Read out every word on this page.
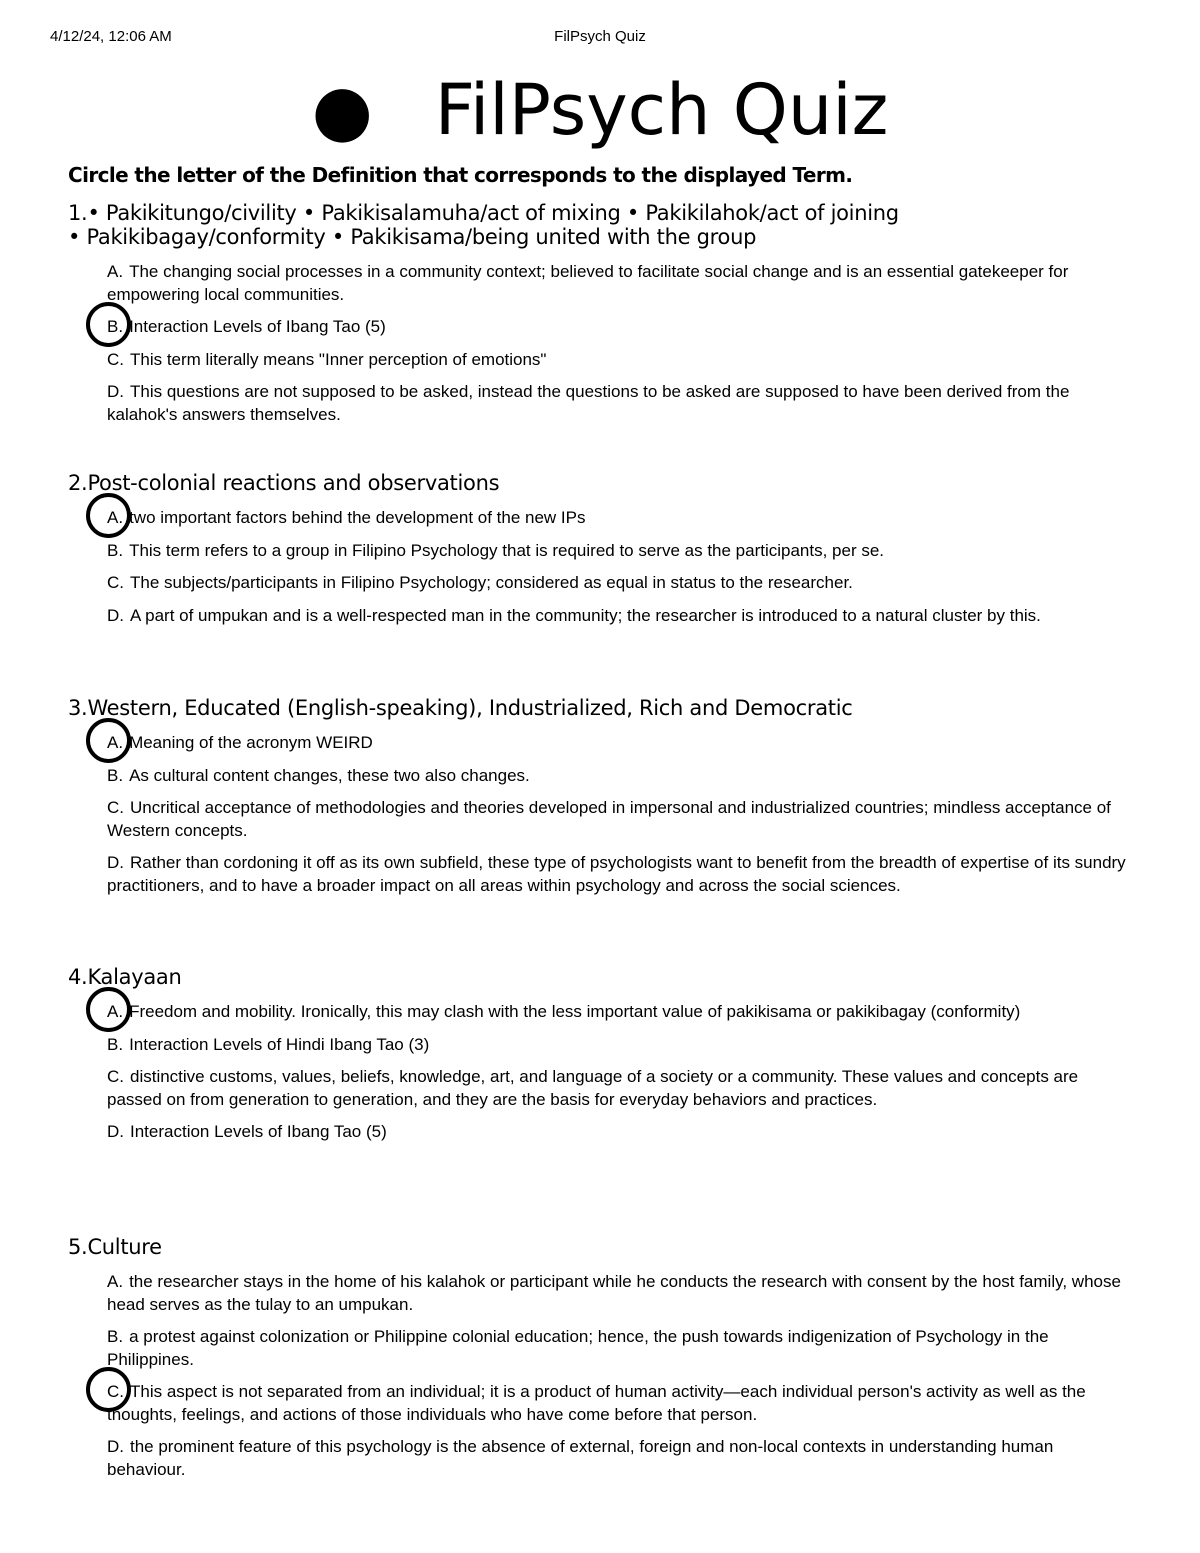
4/12/24, 12:06 AM	FilPsych Quiz
● FilPsych Quiz
Circle the letter of the Definition that corresponds to the displayed Term.
1.• Pakikitungo/civility • Pakikisalamuha/act of mixing • Pakikilahok/act of joining
• Pakikibagay/conformity • Pakikisama/being united with the group
A. The changing social processes in a community context; believed to facilitate social change and is an essential gatekeeper for empowering local communities.
B. Interaction Levels of Ibang Tao (5)
C. This term literally means "Inner perception of emotions"
D. This questions are not supposed to be asked, instead the questions to be asked are supposed to have been derived from the kalahok's answers themselves.
2.Post-colonial reactions and observations
A. two important factors behind the development of the new IPs
B. This term refers to a group in Filipino Psychology that is required to serve as the participants, per se.
C. The subjects/participants in Filipino Psychology; considered as equal in status to the researcher.
D. A part of umpukan and is a well-respected man in the community; the researcher is introduced to a natural cluster by this.
3.Western, Educated (English-speaking), Industrialized, Rich and Democratic
A. Meaning of the acronym WEIRD
B. As cultural content changes, these two also changes.
C. Uncritical acceptance of methodologies and theories developed in impersonal and industrialized countries; mindless acceptance of Western concepts.
D. Rather than cordoning it off as its own subfield, these type of psychologists want to benefit from the breadth of expertise of its sundry practitioners, and to have a broader impact on all areas within psychology and across the social sciences.
4.Kalayaan
A. Freedom and mobility. Ironically, this may clash with the less important value of pakikisama or pakikibagay (conformity)
B. Interaction Levels of Hindi Ibang Tao (3)
C. distinctive customs, values, beliefs, knowledge, art, and language of a society or a community. These values and concepts are passed on from generation to generation, and they are the basis for everyday behaviors and practices.
D. Interaction Levels of Ibang Tao (5)
5.Culture
A. the researcher stays in the home of his kalahok or participant while he conducts the research with consent by the host family, whose head serves as the tulay to an umpukan.
B. a protest against colonization or Philippine colonial education; hence, the push towards indigenization of Psychology in the Philippines.
C. This aspect is not separated from an individual; it is a product of human activity—each individual person's activity as well as the thoughts, feelings, and actions of those individuals who have come before that person.
D. the prominent feature of this psychology is the absence of external, foreign and non-local contexts in understanding human behaviour.
